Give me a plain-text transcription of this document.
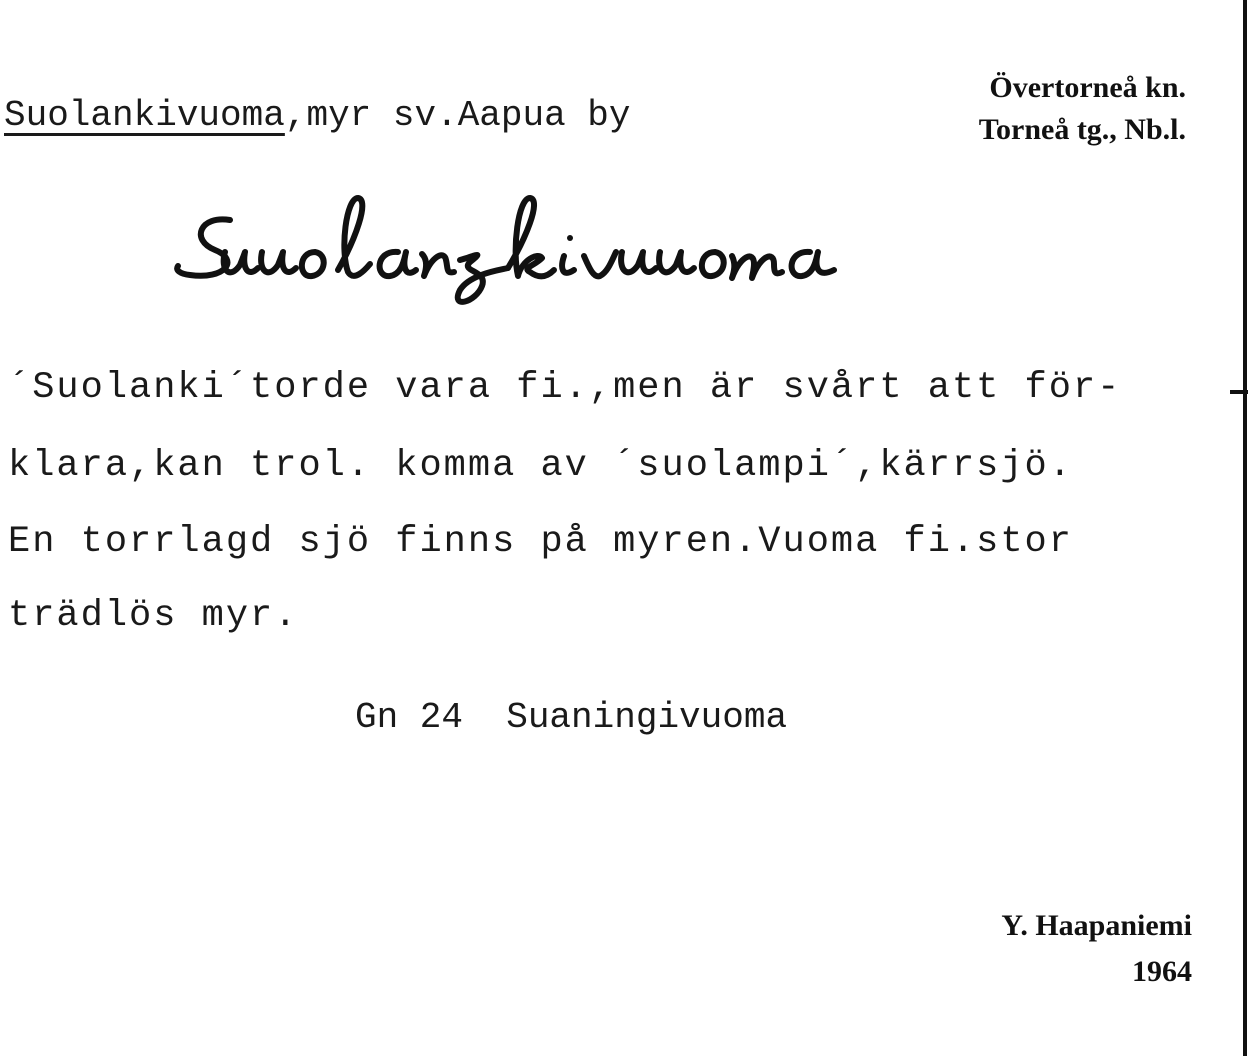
Suolankivuoma,myr sv.Aapua by
Övertorneå kn.
Torneå tg., Nb.l.
´Suolanki´torde vara fi.,men är svårt att för-
klara,kan trol. komma av ´suolampi´,kärrsjö.
En torrlagd sjö finns på myren.Vuoma fi.stor
trädlös myr.
Gn 24  Suaningivuoma
Y. Haapaniemi
1964
